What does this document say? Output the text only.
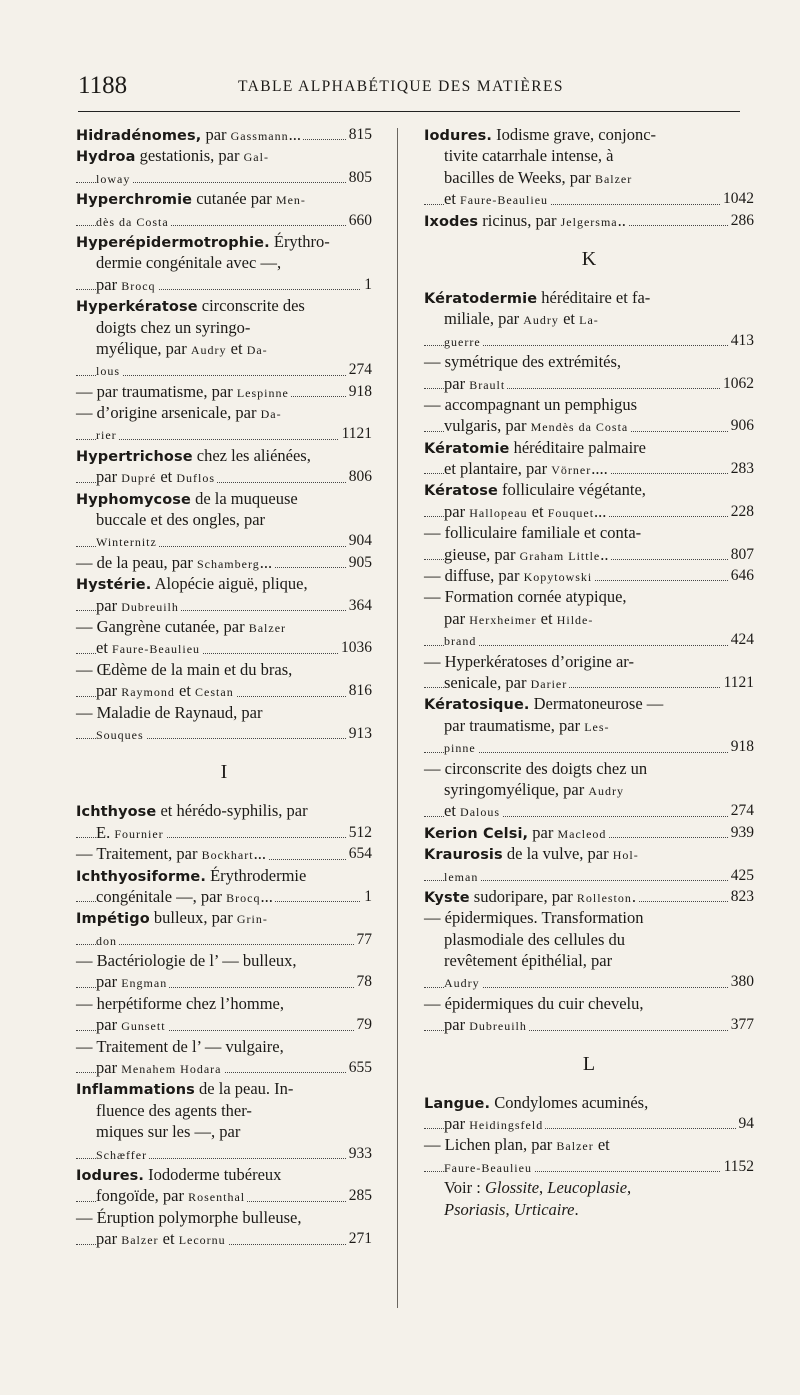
1188	TABLE ALPHABÉTIQUE DES MATIÈRES
Hidradénomes, par Gassmann...	815
Hydroa gestationis, par Gal-
loway	805
Hyperchromie cutanée par Men-
dès da Costa	660
Hyperépidermotrophie. Érythro-
dermie congénitale avec —,
par Brocq	1
Hyperkératose circonscrite des
doigts chez un syringo-
myélique, par Audry et Da-
lous	274
— par traumatisme, par Lespinne	918
— d’origine arsenicale, par Da-
rier	1121
Hypertrichose chez les aliénées,
par Dupré et Duflos	806
Hyphomycose de la muqueuse
buccale et des ongles, par
Winternitz	904
— de la peau, par Schamberg...	905
Hystérie. Alopécie aiguë, plique,
par Dubreuilh	364
— Gangrène cutanée, par Balzer
et Faure-Beaulieu	1036
— Œdème de la main et du bras,
par Raymond et Cestan	816
— Maladie de Raynaud, par
Souques	913
I
Ichthyose et hérédo-syphilis, par
E. Fournier	512
— Traitement, par Bockhart...	654
Ichthyosiforme. Érythrodermie
congénitale —, par Brocq...	1
Impétigo bulleux, par Grin-
don	77
— Bactériologie de l’ — bulleux,
par Engman	78
— herpétiforme chez l’homme,
par Gunsett	79
— Traitement de l’ — vulgaire,
par Menahem Hodara	655
Inflammations de la peau. In-
fluence des agents ther-
miques sur les —, par
Schæffer	933
Iodures. Iododerme tubéreux
fongoïde, par Rosenthal	285
— Éruption polymorphe bulleuse,
par Balzer et Lecornu	271
Iodures. Iodisme grave, conjonc-
tivite catarrhale intense, à
bacilles de Weeks, par Balzer
et Faure-Beaulieu	1042
Ixodes ricinus, par Jelgersma..	286
K
Kératodermie héréditaire et fa-
miliale, par Audry et La-
guerre	413
— symétrique des extrémités,
par Brault	1062
— accompagnant un pemphigus
vulgaris, par Mendès da Costa	906
Kératomie héréditaire palmaire
et plantaire, par Vörner....	283
Kératose folliculaire végétante,
par Hallopeau et Fouquet...	228
— folliculaire familiale et conta-
gieuse, par Graham Little..	807
— diffuse, par Kopytowski	646
— Formation cornée atypique,
par Herxheimer et Hilde-
brand	424
— Hyperkératoses d’origine ar-
senicale, par Darier	1121
Kératosique. Dermatoneurose —
par traumatisme, par Les-
pinne	918
— circonscrite des doigts chez un
syringomyélique, par Audry
et Dalous	274
Kerion Celsi, par Macleod	939
Kraurosis de la vulve, par Hol-
leman	425
Kyste sudoripare, par Rolleston.	823
— épidermiques. Transformation
plasmodiale des cellules du
revêtement épithélial, par
Audry	380
— épidermiques du cuir chevelu,
par Dubreuilh	377
L
Langue. Condylomes acuminés,
par Heidingsfeld	94
— Lichen plan, par Balzer et
Faure-Beaulieu	1152
Voir : Glossite, Leucoplasie,
Psoriasis, Urticaire.
